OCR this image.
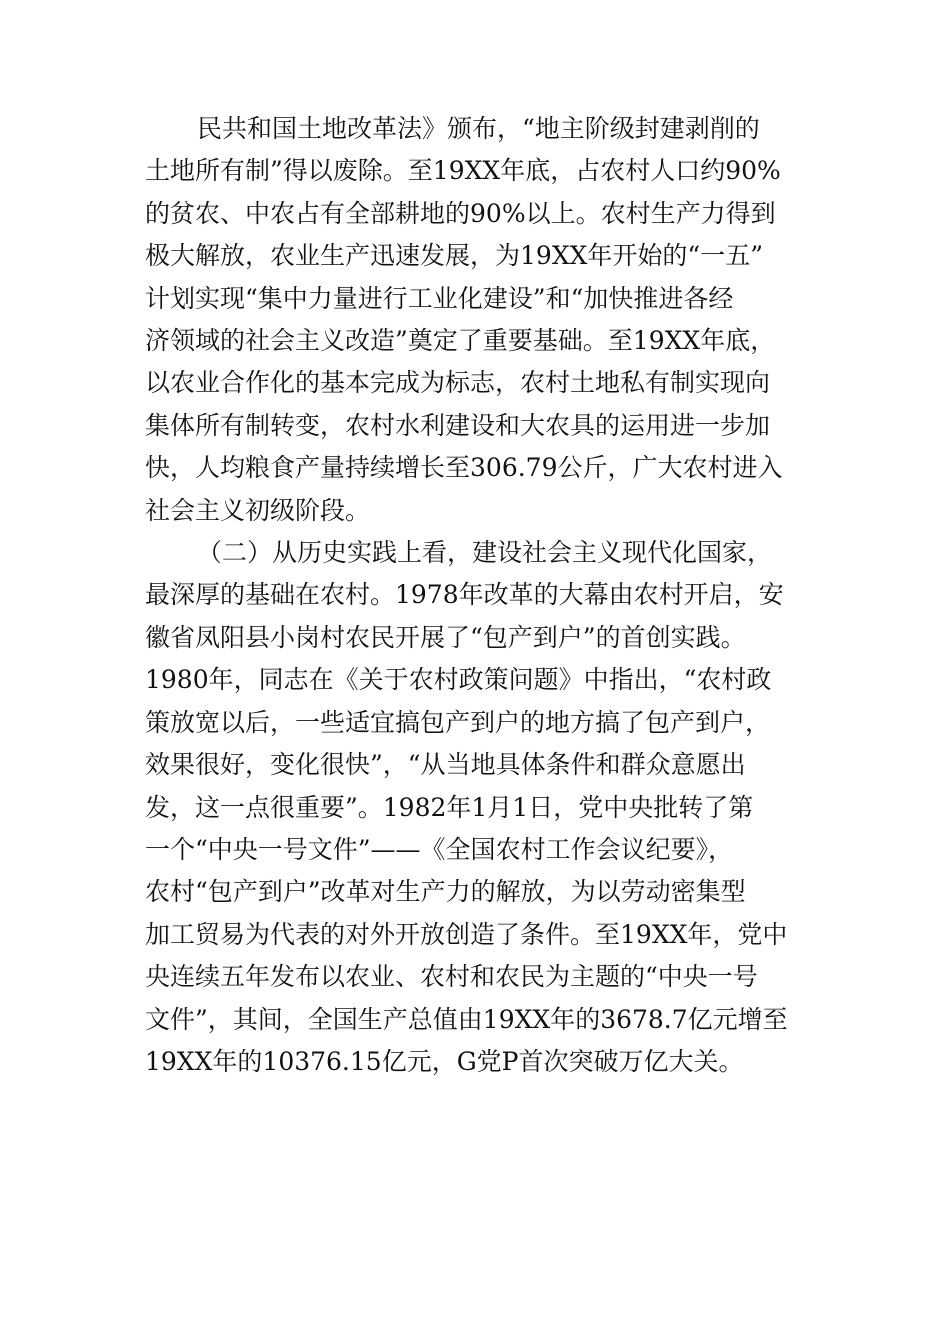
民共和国土地改革法》颁布，“地主阶级封建剥削的
土地所有制”得以废除。至19XX年底，占农村人口约90%
的贫农、中农占有全部耕地的90%以上。农村生产力得到
极大解放，农业生产迅速发展，为19XX年开始的“一五”
计划实现“集中力量进行工业化建设”和“加快推进各经
济领域的社会主义改造”奠定了重要基础。至19XX年底，
以农业合作化的基本完成为标志，农村土地私有制实现向
集体所有制转变，农村水利建设和大农具的运用进一步加
快，人均粮食产量持续增长至306.79公斤，广大农村进入
社会主义初级阶段。
（二）从历史实践上看，建设社会主义现代化国家，
最深厚的基础在农村。1978年改革的大幕由农村开启，安
徽省凤阳县小岗村农民开展了“包产到户”的首创实践。
1980年，同志在《关于农村政策问题》中指出，“农村政
策放宽以后，一些适宜搞包产到户的地方搞了包产到户，
效果很好，变化很快”，“从当地具体条件和群众意愿出
发，这一点很重要”。1982年1月1日，党中央批转了第
一个“中央一号文件”——《全国农村工作会议纪要》，
农村“包产到户”改革对生产力的解放，为以劳动密集型
加工贸易为代表的对外开放创造了条件。至19XX年，党中
央连续五年发布以农业、农村和农民为主题的“中央一号
文件”，其间，全国生产总值由19XX年的3678.7亿元增至
19XX年的10376.15亿元，G党P首次突破万亿大关。
